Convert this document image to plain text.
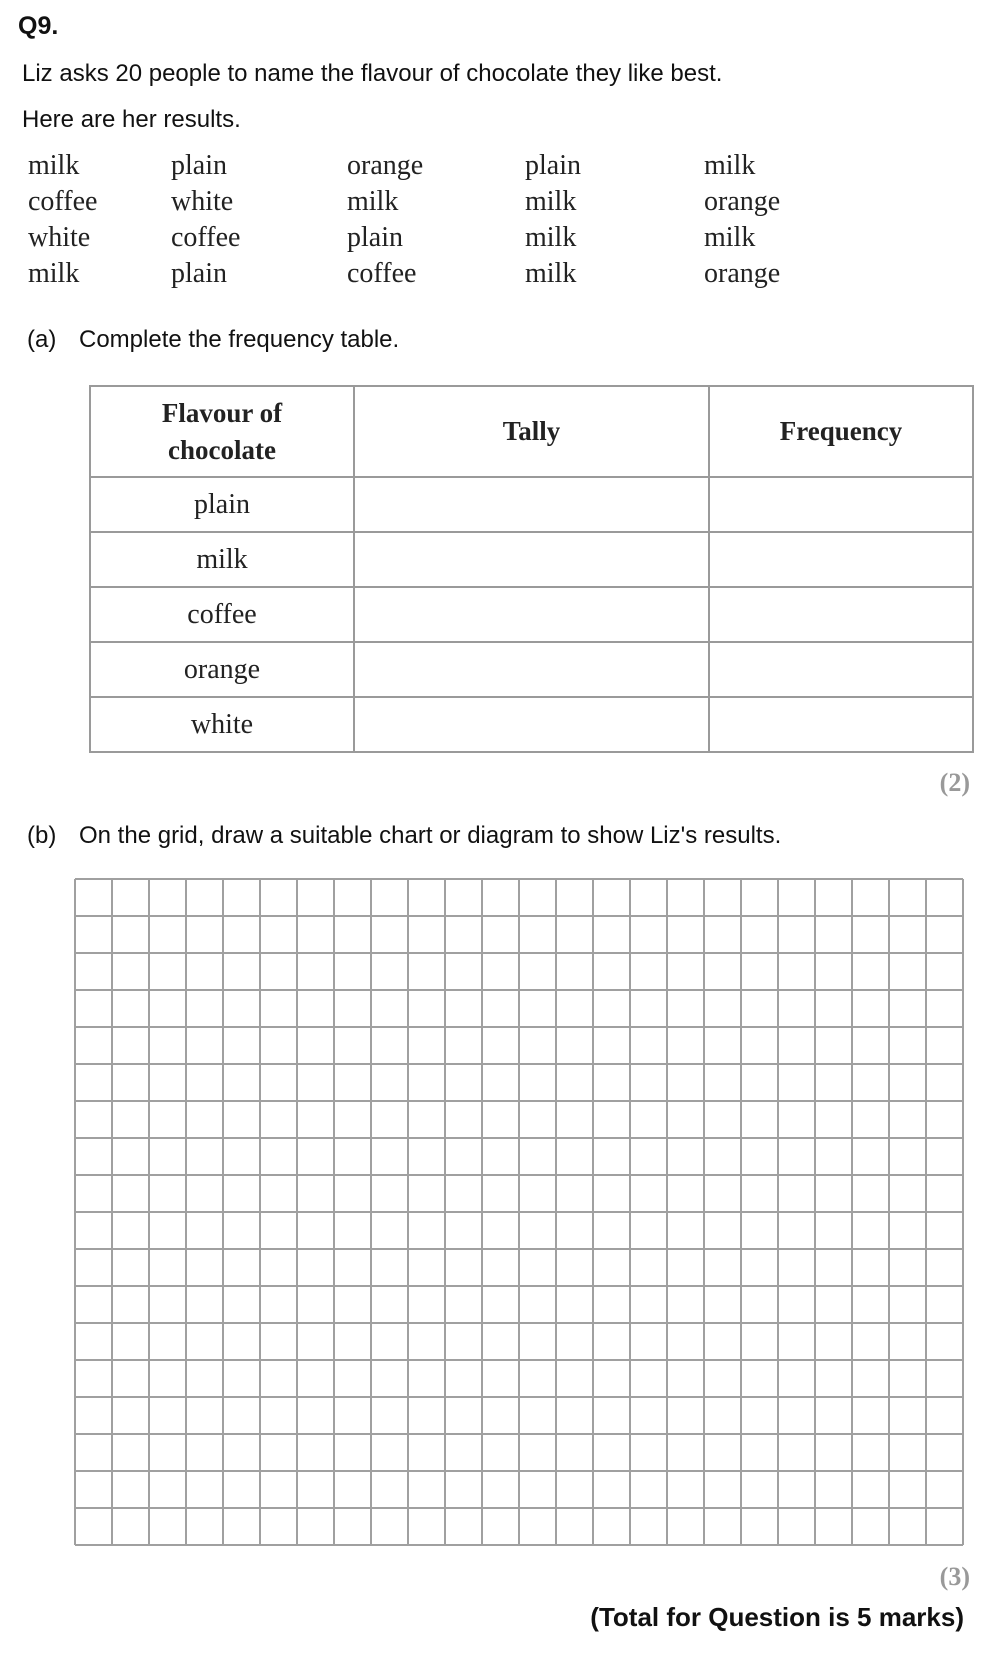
Q9.
Liz asks 20 people to name the flavour of chocolate they like best.
Here are her results.
milk	plain	orange	plain	milk
coffee	white	milk	milk	orange
white	coffee	plain	milk	milk
milk	plain	coffee	milk	orange
(a) Complete the frequency table.
Flavour of
chocolate	Tally	Frequency
plain		
milk		
coffee		
orange		
white		
(2)
(b) On the grid, draw a suitable chart or diagram to show Liz's results.
(3)
(Total for Question is 5 marks)
